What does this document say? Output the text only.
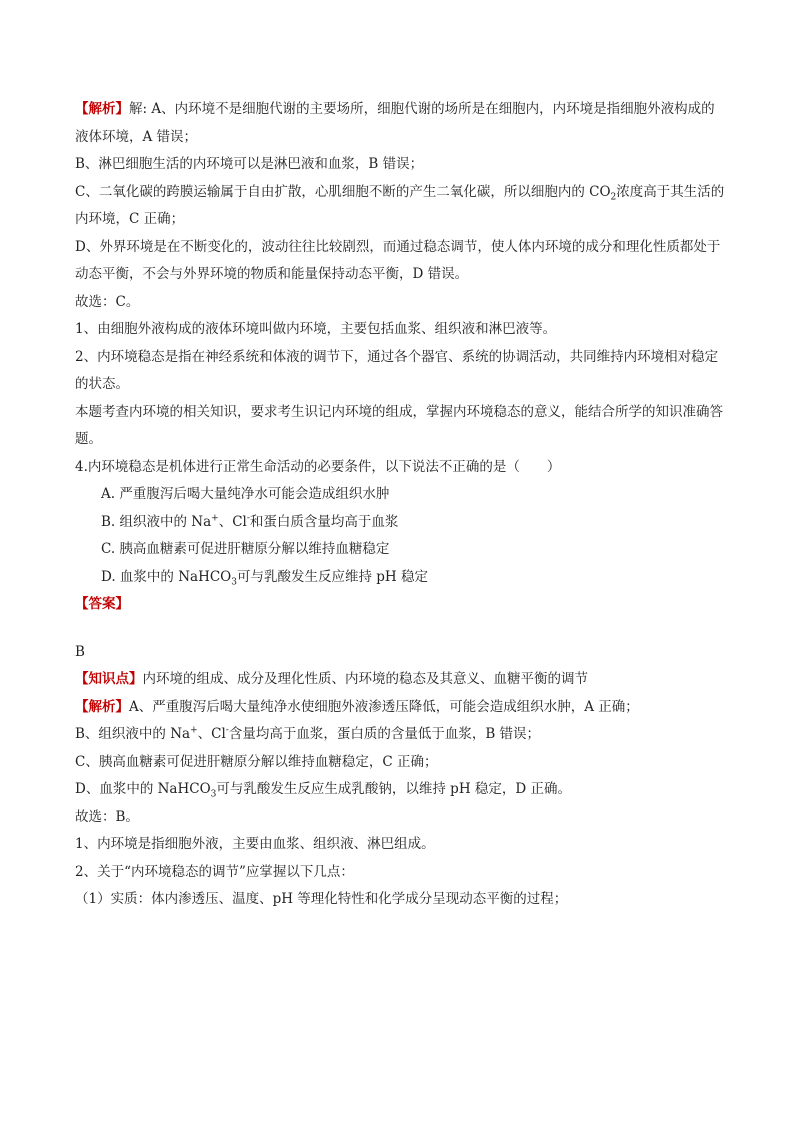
【解析】解: A、内环境不是细胞代谢的主要场所，细胞代谢的场所是在细胞内，内环境是指细胞外液构成的液体环境，A 错误；

B、淋巴细胞生活的内环境可以是淋巴液和血浆，B 错误；

C、二氧化碳的跨膜运输属于自由扩散，心肌细胞不断的产生二氧化碳，所以细胞内的 $CO_2$浓度高于其生活的内环境，C 正确；

D、外界环境是在不断变化的，波动往往比较剧烈，而通过稳态调节，使人体内环境的成分和理化性质都处于动态平衡，不会与外界环境的物质和能量保持动态平衡，D 错误。

故选：C。

1、由细胞外液构成的液体环境叫做内环境，主要包括血浆、组织液和淋巴液等。

2、内环境稳态是指在神经系统和体液的调节下，通过各个器官、系统的协调活动，共同维持内环境相对稳定的状态。

本题考查内环境的相关知识，要求考生识记内环境的组成，掌握内环境稳态的意义，能结合所学的知识准确答题。

4.内环境稳态是机体进行正常生命活动的必要条件，以下说法不正确的是（　　）

A. 严重腹泻后喝大量纯净水可能会造成组织水肿

B. 组织液中的 Na+、Cl-和蛋白质含量均高于血浆

C. 胰高血糖素可促进肝糖原分解以维持血糖稳定

D. 血浆中的 NaHCO$_3$可与乳酸发生反应维持 pH 稳定

【答案】

B

【知识点】内环境的组成、成分及理化性质、内环境的稳态及其意义、血糖平衡的调节

【解析】A、严重腹泻后喝大量纯净水使细胞外液渗透压降低，可能会造成组织水肿，A 正确；

B、组织液中的 Na+、Cl-含量均高于血浆，蛋白质的含量低于血浆，B 错误；

C、胰高血糖素可促进肝糖原分解以维持血糖稳定，C 正确；

D、血浆中的 NaHCO$_3$可与乳酸发生反应生成乳酸钠，以维持 pH 稳定，D 正确。

故选：B。

1、内环境是指细胞外液，主要由血浆、组织液、淋巴组成。

2、关于“内环境稳态的调节”应掌握以下几点：

（1）实质：体内渗透压、温度、pH 等理化特性和化学成分呈现动态平衡的过程；
